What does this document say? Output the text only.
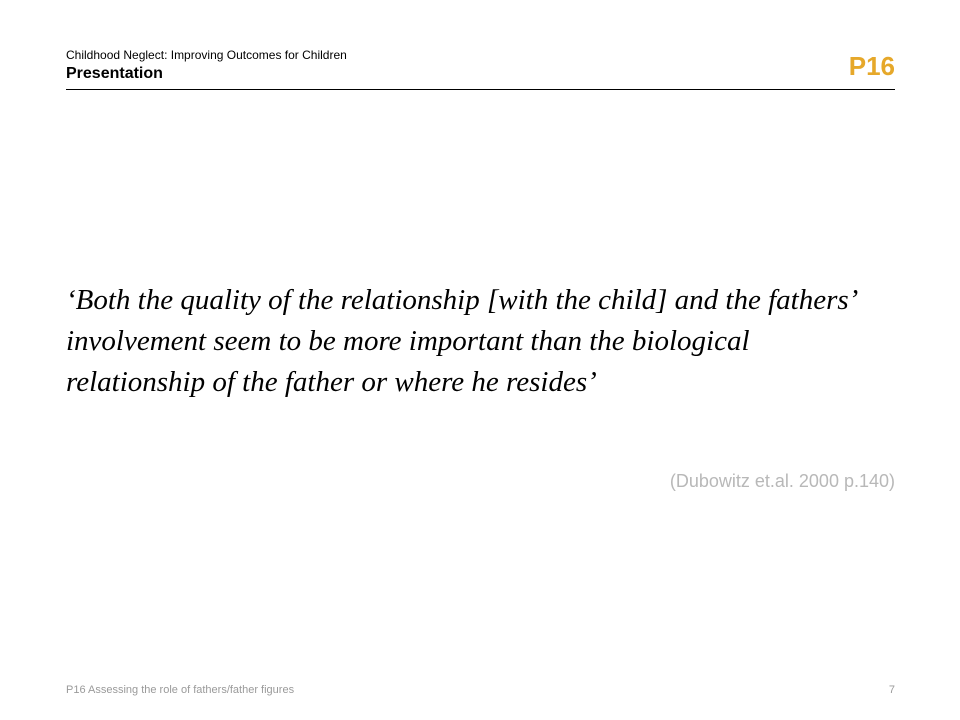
Childhood Neglect: Improving Outcomes for Children
Presentation	P16

‘Both the quality of the relationship [with the child] and the fathers’ involvement seem to be more important than the biological relationship of the father or where he resides’

(Dubowitz et.al. 2000 p.140)
P16 Assessing the role of fathers/father figures	7
